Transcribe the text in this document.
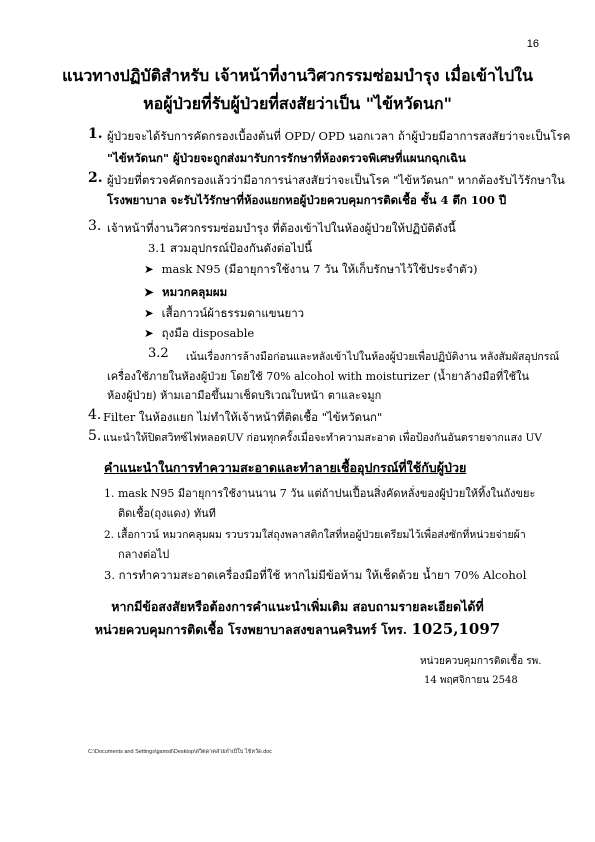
16
แนวทางปฏิบัติสำหรับ เจ้าหน้าที่งานวิศวกรรมซ่อมบำรุง เมื่อเข้าไปใน
หอผู้ป่วยที่รับผู้ป่วยที่สงสัยว่าเป็น "ไข้หวัดนก"
1. ผู้ป่วยจะได้รับการคัดกรองเบื้องต้นที่ OPD/ OPD นอกเวลา ถ้าผู้ป่วยมีอาการสงสัยว่าจะเป็นโรค
"ไข้หวัดนก" ผู้ป่วยจะถูกส่งมารับการรักษาที่ห้องตรวจพิเศษที่แผนกฉุกเฉิน
2. ผู้ป่วยที่ตรวจคัดกรองแล้วว่ามีอาการน่าสงสัยว่าจะเป็นโรค "ไข้หวัดนก" หากต้องรับไว้รักษาใน
โรงพยาบาล จะรับไว้รักษาที่ห้องแยกหอผู้ป่วยควบคุมการติดเชื้อ ชั้น 4 ตึก 100 ปี
3. เจ้าหน้าที่งานวิศวกรรมซ่อมบำรุง ที่ต้องเข้าไปในห้องผู้ป่วยให้ปฏิบัติดังนี้
3.1 สวมอุปกรณ์ป้องกันดังต่อไปนี้
➤ mask N95 (มีอายุการใช้งาน 7 วัน ให้เก็บรักษาไว้ใช้ประจำตัว)
➤ หมวกคลุมผม
➤ เสื้อกาวน์ผ้าธรรมดาแขนยาว
➤ ถุงมือ disposable
3.2 เน้นเรื่องการล้างมือก่อนและหลังเข้าไปในห้องผู้ป่วยเพื่อปฏิบัติงาน หลังสัมผัสอุปกรณ์
เครื่องใช้ภายในห้องผู้ป่วย โดยใช้ 70% alcohol with moisturizer (น้ำยาล้างมือที่ใช้ใน
ห้องผู้ป่วย) ห้ามเอามือขึ้นมาเช็ดบริเวณใบหน้า ตาและจมูก
4. Filter ในห้องแยก ไม่ทำให้เจ้าหน้าที่ติดเชื้อ "ไข้หวัดนก"
5. แนะนำให้ปิดสวิทซ์ไฟหลอดUV ก่อนทุกครั้งเมื่อจะทำความสะอาด เพื่อป้องกันอันตรายจากแสง UV
คำแนะนำในการทำความสะอาดและทำลายเชื้ออุปกรณ์ที่ใช้กับผู้ป่วย
1. mask N95 มีอายุการใช้งานนาน 7 วัน แต่ถ้าปนเปื้อนสิ่งคัดหลั่งของผู้ป่วยให้ทิ้งในถังขยะ
ติดเชื้อ(ถุงแดง) ทันที
2. เสื้อกาวน์ หมวกคลุมผม รวบรวมใส่ถุงพลาสติกใสที่หอผู้ป่วยเตรียมไว้เพื่อส่งซักที่หน่วยจ่ายผ้า
กลางต่อไป
3. การทำความสะอาดเครื่องมือที่ใช้ หากไม่มีข้อห้าม ให้เช็ดด้วย น้ำยา 70% Alcohol
หากมีข้อสงสัยหรือต้องการคำแนะนำเพิ่มเติม สอบถามรายละเอียดได้ที่
หน่วยควบคุมการติดเชื้อ โรงพยาบาลสงขลานครินทร์ โทร. 1025,1097
หน่วยควบคุมการติดเชื้อ รพ.
14 พฤศจิกายน 2548
C:\Documents and Settings\gamsil\Desktop\สวิตดาคส่วยnำเบิใบ ไข้หวัด.doc
